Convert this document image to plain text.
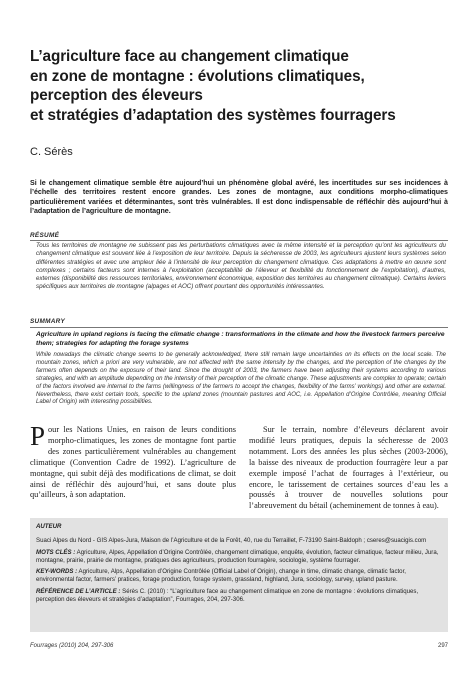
L’agriculture face au changement climatique
en zone de montagne : évolutions climatiques,
perception des éleveurs
et stratégies d’adaptation des systèmes fourragers
C. Sérès
Si le changement climatique semble être aujourd’hui un phénomène global avéré, les incertitudes sur ses incidences à l’échelle des territoires restent encore grandes. Les zones de montagne, aux conditions morpho-climatiques particulièrement variées et déterminantes, sont très vulnérables. Il est donc indispensable de réfléchir dès aujourd’hui à l’adaptation de l’agriculture de montagne.
RÉSUMÉ
Tous les territoires de montagne ne subissent pas les perturbations climatiques avec la même intensité et la perception qu’ont les agriculteurs du changement climatique est souvent liée à l’exposition de leur territoire. Depuis la sécheresse de 2003, les agriculteurs ajustent leurs systèmes selon différentes stratégies et avec une ampleur liée à l’intensité de leur perception du changement climatique. Ces adaptations à mettre en œuvre sont complexes ; certains facteurs sont internes à l’exploitation (acceptabilité de l’éleveur et flexibilité du fonctionnement de l’exploitation), d’autres, externes (disponibilité des ressources territoriales, environnement économique, exposition des territoires au changement climatique). Certains leviers spécifiques aux territoires de montagne (alpages et AOC) offrent pourtant des opportunités intéressantes.
SUMMARY
Agriculture in upland regions is facing the climatic change : transformations in the climate and how the livestock farmers perceive them; strategies for adapting the forage systems
While nowadays the climatic change seems to be generally acknowledged, there still remain large uncertainties on its effects on the local scale. The mountain zones, which a priori are very vulnerable, are not affected with the same intensity by the changes, and the perception of the changes by the farmers often depends on the exposure of their land. Since the drought of 2003, the farmers have been adjusting their systems according to various strategies, and with an amplitude depending on the intensity of their perception of the climatic change. These adjustments are complex to operate; certain of the factors involved are internal to the farms (willingness of the farmers to accept the changes, flexibility of the farms’ workings) and other are external. Nevertheless, there exist certain tools, specific to the upland zones (mountain pastures and AOC, i.e. Appellation d’Origine Contrôlée, meaning Official Label of Origin) with interesting possibilities.
Pour les Nations Unies, en raison de leurs conditions morpho-climatiques, les zones de montagne font partie des zones particulièrement vulnérables au changement climatique (Convention Cadre de 1992). L’agriculture de montagne, qui subit déjà des modifications de climat, se doit ainsi de réfléchir dès aujourd’hui, et sans doute plus qu’ailleurs, à son adaptation.
Sur le terrain, nombre d’éleveurs déclarent avoir modifié leurs pratiques, depuis la sécheresse de 2003 notamment. Lors des années les plus sèches (2003-2006), la baisse des niveaux de production fourragère leur a par exemple imposé l’achat de fourrages à l’extérieur, ou encore, le tarissement de certaines sources d’eau les a poussés à trouver de nouvelles solutions pour l’abreuvement du bétail (acheminement de tonnes à eau).
AUTEUR
Suaci Alpes du Nord - GIS Alpes-Jura, Maison de l’Agriculture et de la Forêt, 40, rue du Terraillet, F-73190 Saint-Baldoph ; cseres@suacigis.com
MOTS CLÉS : Agriculture, Alpes, Appellation d’Origine Contrôlée, changement climatique, enquête, évolution, facteur climatique, facteur milieu, Jura, montagne, prairie, prairie de montagne, pratiques des agriculteurs, production fourragère, sociologie, système fourrager.
KEY-WORDS : Agriculture, Alps, Appellation d’Origine Contrôlée (Official Label of Origin), change in time, climatic change, climatic factor, environmental factor, farmers’ pratices, forage production, forage system, grassland, highland, Jura, sociology, survey, upland pasture.
RÉFÉRENCE DE L’ARTICLE : Sérès C. (2010) : “L’agriculture face au changement climatique en zone de montagne : évolutions climatiques, perception des éleveurs et stratégies d’adaptation”, Fourrages, 204, 297-306.
Fourrages (2010) 204, 297-306	297
